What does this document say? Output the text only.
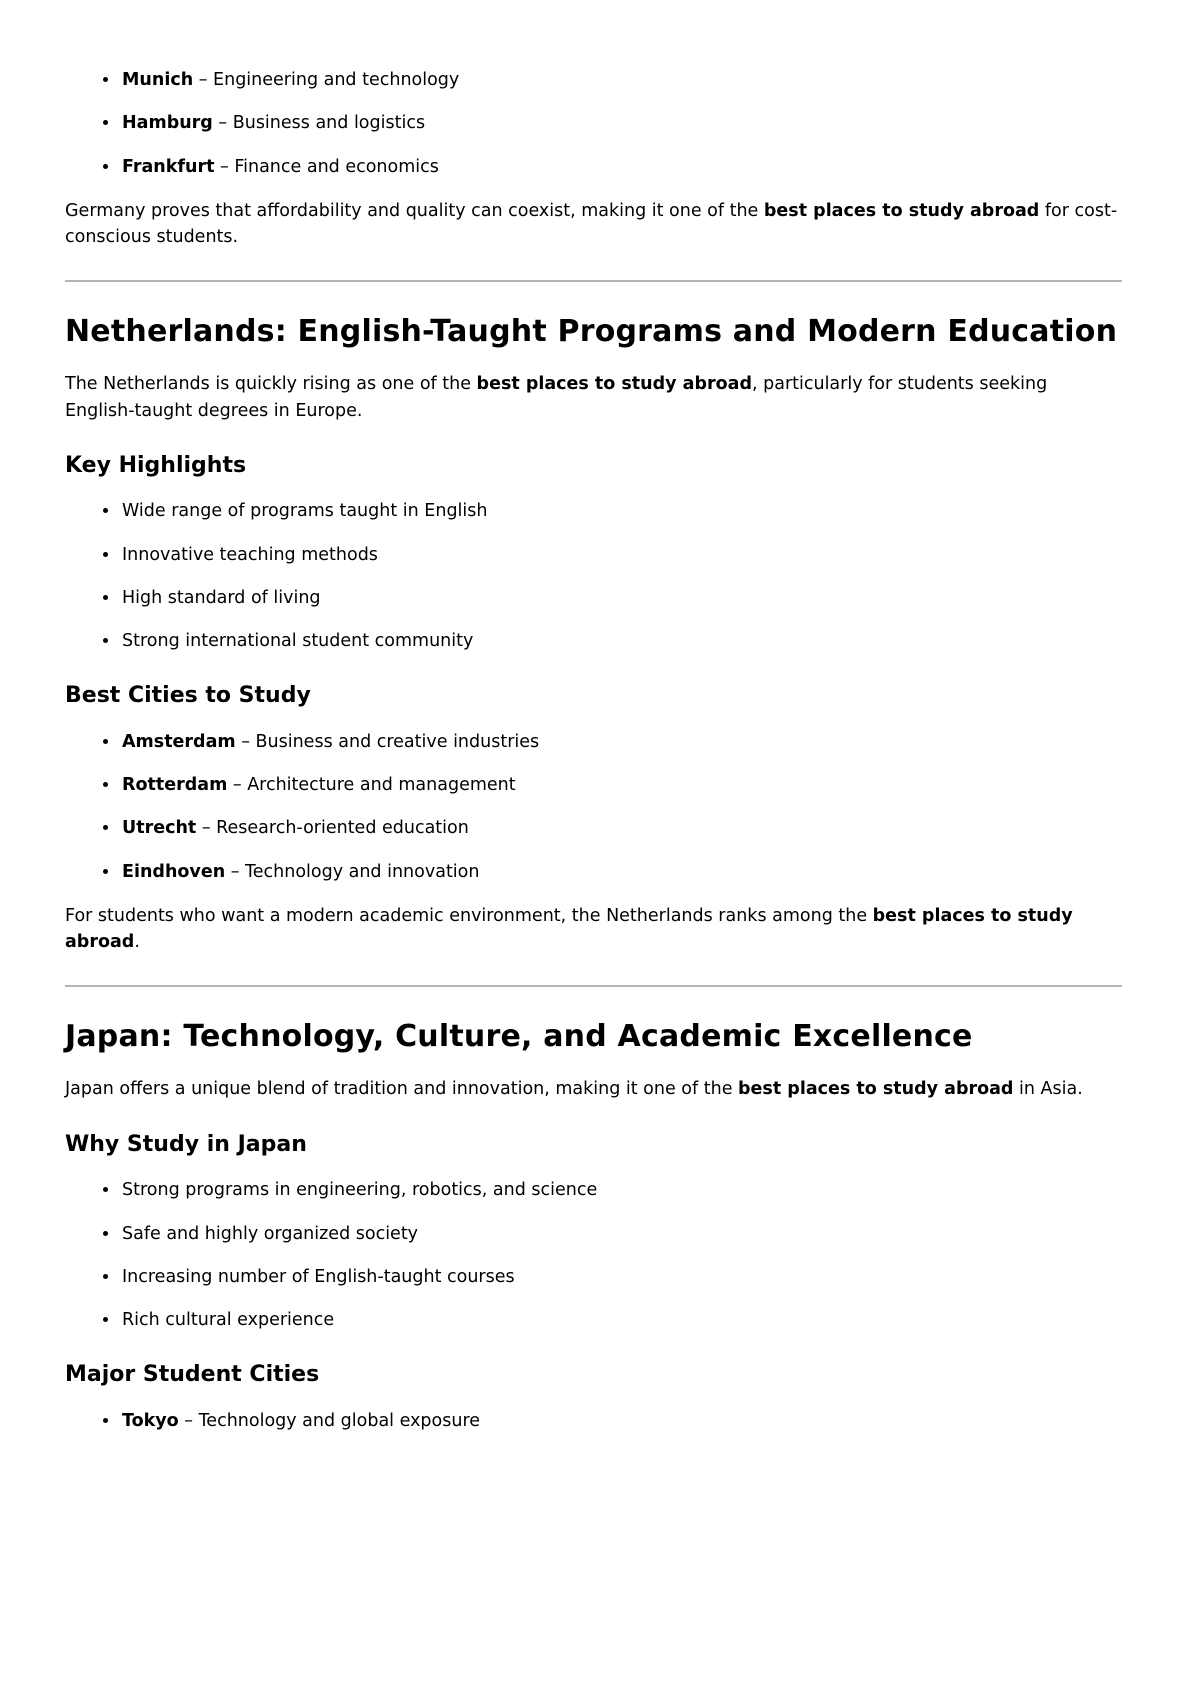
• Munich – Engineering and technology
• Hamburg – Business and logistics
• Frankfurt – Finance and economics

Germany proves that affordability and quality can coexist, making it one of the best places to study abroad for cost-conscious students.

Netherlands: English-Taught Programs and Modern Education

The Netherlands is quickly rising as one of the best places to study abroad, particularly for students seeking English-taught degrees in Europe.

Key Highlights
• Wide range of programs taught in English
• Innovative teaching methods
• High standard of living
• Strong international student community
Best Cities to Study
• Amsterdam – Business and creative industries
• Rotterdam – Architecture and management
• Utrecht – Research-oriented education
• Eindhoven – Technology and innovation

For students who want a modern academic environment, the Netherlands ranks among the best places to study abroad.

Japan: Technology, Culture, and Academic Excellence

Japan offers a unique blend of tradition and innovation, making it one of the best places to study abroad in Asia.

Why Study in Japan
• Strong programs in engineering, robotics, and science
• Safe and highly organized society
• Increasing number of English-taught courses
• Rich cultural experience
Major Student Cities
• Tokyo – Technology and global exposure
